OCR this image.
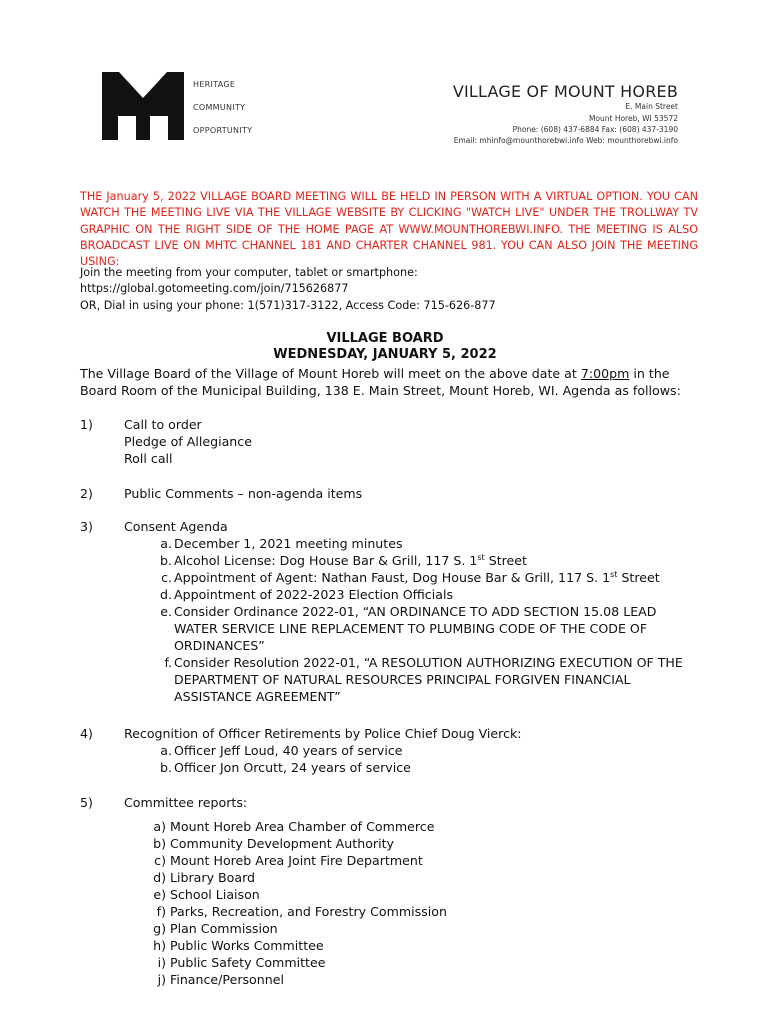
HERITAGE
COMMUNITY
OPPORTUNITY
VILLAGE OF MOUNT HOREB
E. Main Street
Mount Horeb, WI 53572
Phone: (608) 437-6884 Fax: (608) 437-3190
Email: mhinfo@mounthorebwi.info Web: mounthorebwi.info
THE January 5, 2022 VILLAGE BOARD MEETING WILL BE HELD IN PERSON WITH A VIRTUAL OPTION. YOU CAN WATCH THE MEETING LIVE VIA THE VILLAGE WEBSITE BY CLICKING "WATCH LIVE" UNDER THE TROLLWAY TV GRAPHIC ON THE RIGHT SIDE OF THE HOME PAGE AT WWW.MOUNTHOREBWI.INFO. THE MEETING IS ALSO BROADCAST LIVE ON MHTC CHANNEL 181 AND CHARTER CHANNEL 981. YOU CAN ALSO JOIN THE MEETING USING:
Join the meeting from your computer, tablet or smartphone:
https://global.gotomeeting.com/join/715626877
OR, Dial in using your phone: 1(571)317-3122, Access Code: 715-626-877
VILLAGE BOARD
WEDNESDAY, JANUARY 5, 2022
The Village Board of the Village of Mount Horeb will meet on the above date at 7:00pm in the Board Room of the Municipal Building, 138 E. Main Street, Mount Horeb, WI. Agenda as follows:
1)	Call to order
Pledge of Allegiance
Roll call
2)	Public Comments – non-agenda items
3)	Consent Agenda
a. December 1, 2021 meeting minutes
b. Alcohol License: Dog House Bar & Grill, 117 S. 1st Street
c. Appointment of Agent: Nathan Faust, Dog House Bar & Grill, 117 S. 1st Street
d. Appointment of 2022-2023 Election Officials
e. Consider Ordinance 2022-01, “AN ORDINANCE TO ADD SECTION 15.08 LEAD WATER SERVICE LINE REPLACEMENT TO PLUMBING CODE OF THE CODE OF ORDINANCES”
f. Consider Resolution 2022-01, “A RESOLUTION AUTHORIZING EXECUTION OF THE DEPARTMENT OF NATURAL RESOURCES PRINCIPAL FORGIVEN FINANCIAL ASSISTANCE AGREEMENT”
4)	Recognition of Officer Retirements by Police Chief Doug Vierck:
a. Officer Jeff Loud, 40 years of service
b. Officer Jon Orcutt, 24 years of service
5)	Committee reports:
a) Mount Horeb Area Chamber of Commerce
b) Community Development Authority
c) Mount Horeb Area Joint Fire Department
d) Library Board
e) School Liaison
f) Parks, Recreation, and Forestry Commission
g) Plan Commission
h) Public Works Committee
i) Public Safety Committee
j) Finance/Personnel
